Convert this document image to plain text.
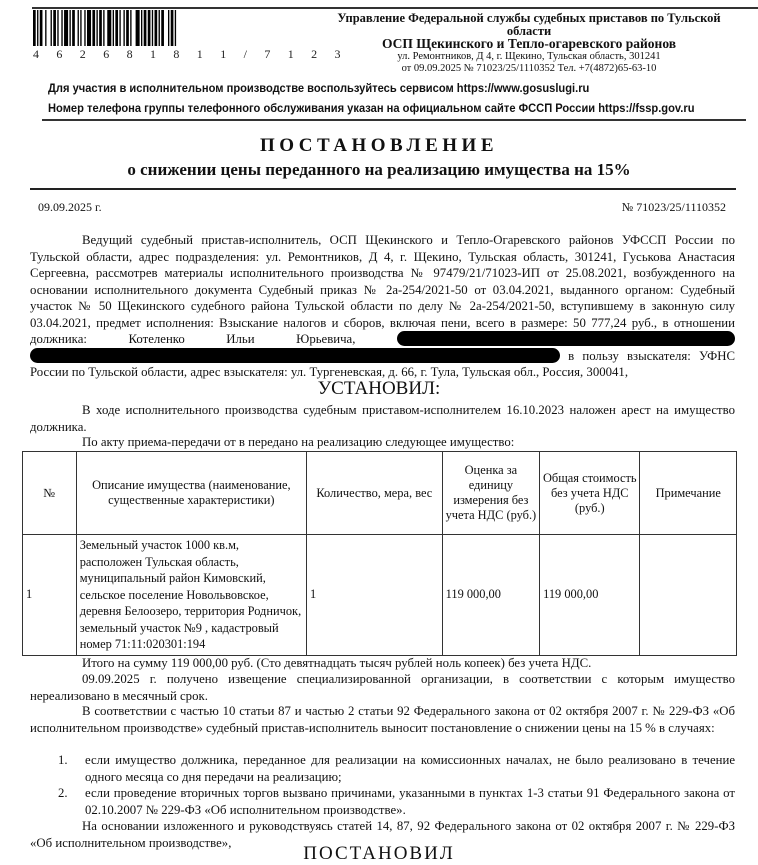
4 6 2 6 8 1 8 1 1 / 7 1 2 3
Управление Федеральной службы судебных приставов по Тульской области
ОСП Щекинского и Тепло-огаревского районов
ул. Ремонтников, Д 4, г. Щекино, Тульская область, 301241
от 09.09.2025 № 71023/25/1110352 Тел. +7(4872)65-63-10
Для участия в исполнительном производстве воспользуйтесь сервисом https://www.gosuslugi.ru
Номер телефона группы телефонного обслуживания указан на официальном сайте ФССП России https://fssp.gov.ru
ПОСТАНОВЛЕНИЕ
о снижении цены переданного на реализацию имущества на 15%
09.09.2025 г.	№ 71023/25/1110352

Ведущий судебный пристав-исполнитель, ОСП Щекинского и Тепло-Огаревского районов УФССП России по Тульской области, адрес подразделения: ул. Ремонтников, Д 4, г. Щекино, Тульская область, 301241, Гуськова Анастасия Сергеевна, рассмотрев материалы исполнительного производства № 97479/21/71023-ИП от 25.08.2021, возбужденного на основании исполнительного документа Судебный приказ № 2а-254/2021-50 от 03.04.2021, выданного органом: Судебный участок № 50 Щекинского судебного района Тульской области по делу № 2а-254/2021-50, вступившему в законную силу 03.04.2021, предмет исполнения: Взыскание налогов и сборов, включая пени, всего в размере: 50 777,24 руб., в отношении должника: Котеленко Ильи Юрьевича,   в пользу взыскателя: УФНС России по Тульской области, адрес взыскателя: ул. Тургеневская, д. 66, г. Тула, Тульская обл., Россия, 300041,

УСТАНОВИЛ:

В ходе исполнительного производства судебным приставом-исполнителем 16.10.2023 наложен арест на имущество должника.

По акту приема-передачи от в передано на реализацию следующее имущество:

№	Описание имущества (наименование, существенные характеристики)	Количество, мера, вес	Оценка за единицу измерения без учета НДС (руб.)	Общая стоимость без учета НДС (руб.)	Примечание
1	Земельный участок 1000 кв.м, расположен Тульская область, муниципальный район Кимовский, сельское поселение Новольвовское, деревня Белоозеро, территория Родничок, земельный участок №9 , кадастровый номер 71:11:020301:194	1	119 000,00	119 000,00	

Итого на сумму 119 000,00 руб. (Сто девятнадцать тысяч рублей ноль копеек) без учета НДС.

09.09.2025 г. получено извещение специализированной организации, в соответствии с которым имущество нереализовано в месячный срок.

В соответствии с частью 10 статьи 87 и частью 2 статьи 92 Федерального закона от 02 октября 2007 г. № 229-ФЗ «Об исполнительном производстве» судебный пристав-исполнитель выносит постановление о снижении цены на 15 % в случаях:

1. если имущество должника, переданное для реализации на комиссионных началах, не было реализовано в течение одного месяца со дня передачи на реализацию;
2. если проведение вторичных торгов вызвано причинами, указанными в пунктах 1-3 статьи 91 Федерального закона от 02.10.2007 № 229-ФЗ «Об исполнительном производстве».

На основании изложенного и руководствуясь статей 14, 87, 92 Федерального закона от 02 октября 2007 г. № 229-ФЗ «Об исполнительном производстве»,

ПОСТАНОВИЛ
